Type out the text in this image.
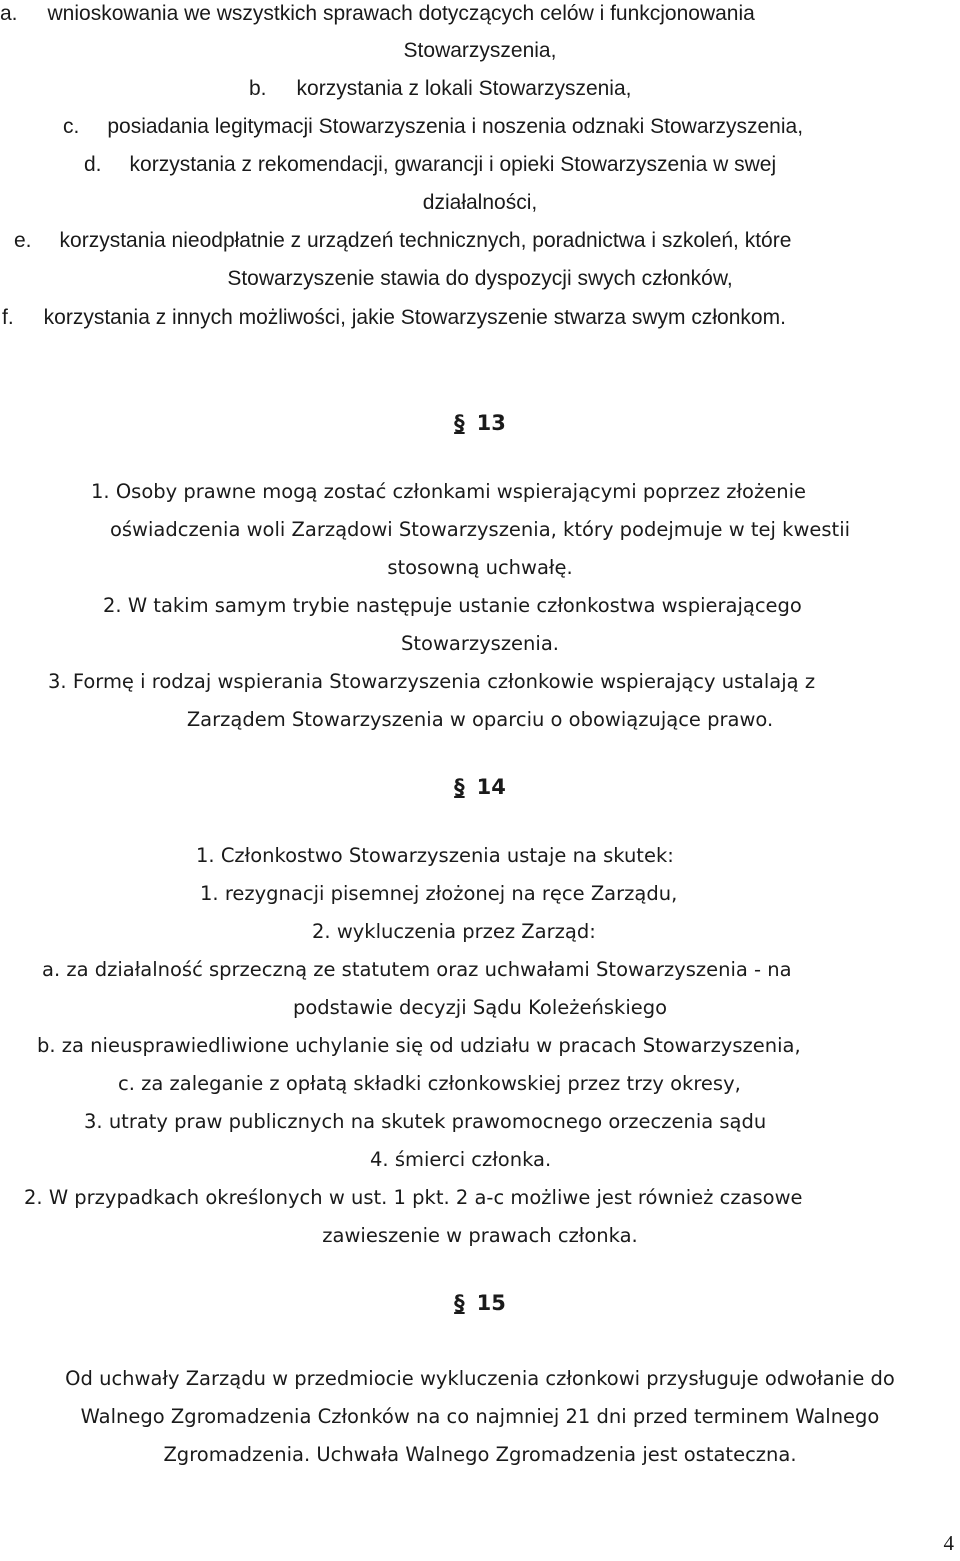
a. wnioskowania we wszystkich sprawach dotyczących celów i funkcjonowania
Stowarzyszenia,
b. korzystania z lokali Stowarzyszenia,
c. posiadania legitymacji Stowarzyszenia i noszenia odznaki Stowarzyszenia,
d. korzystania z rekomendacji, gwarancji i opieki Stowarzyszenia w swej
działalności,
e. korzystania nieodpłatnie z urządzeń technicznych, poradnictwa i szkoleń, które
Stowarzyszenie stawia do dyspozycji swych członków,
f. korzystania z innych możliwości, jakie Stowarzyszenie stwarza swym członkom.
§ 13
1. Osoby prawne mogą zostać członkami wspierającymi poprzez złożenie
oświadczenia woli Zarządowi Stowarzyszenia, który podejmuje w tej kwestii
stosowną uchwałę.
2. W takim samym trybie następuje ustanie członkostwa wspierającego
Stowarzyszenia.
3. Formę i rodzaj wspierania Stowarzyszenia członkowie wspierający ustalają z
Zarządem Stowarzyszenia w oparciu o obowiązujące prawo.
§ 14
1. Członkostwo Stowarzyszenia ustaje na skutek:
1. rezygnacji pisemnej złożonej na ręce Zarządu,
2. wykluczenia przez Zarząd:
a. za działalność sprzeczną ze statutem oraz uchwałami Stowarzyszenia - na
podstawie decyzji Sądu Koleżeńskiego
b. za nieusprawiedliwione uchylanie się od udziału w pracach Stowarzyszenia,
c. za zaleganie z opłatą składki członkowskiej przez trzy okresy,
3. utraty praw publicznych na skutek prawomocnego orzeczenia sądu
4. śmierci członka.
2. W przypadkach określonych w ust. 1 pkt. 2 a-c możliwe jest również czasowe
zawieszenie w prawach członka.
§ 15
Od uchwały Zarządu w przedmiocie wykluczenia członkowi przysługuje odwołanie do
Walnego Zgromadzenia Członków na co najmniej 21 dni przed terminem Walnego
Zgromadzenia. Uchwała Walnego Zgromadzenia jest ostateczna.
4
